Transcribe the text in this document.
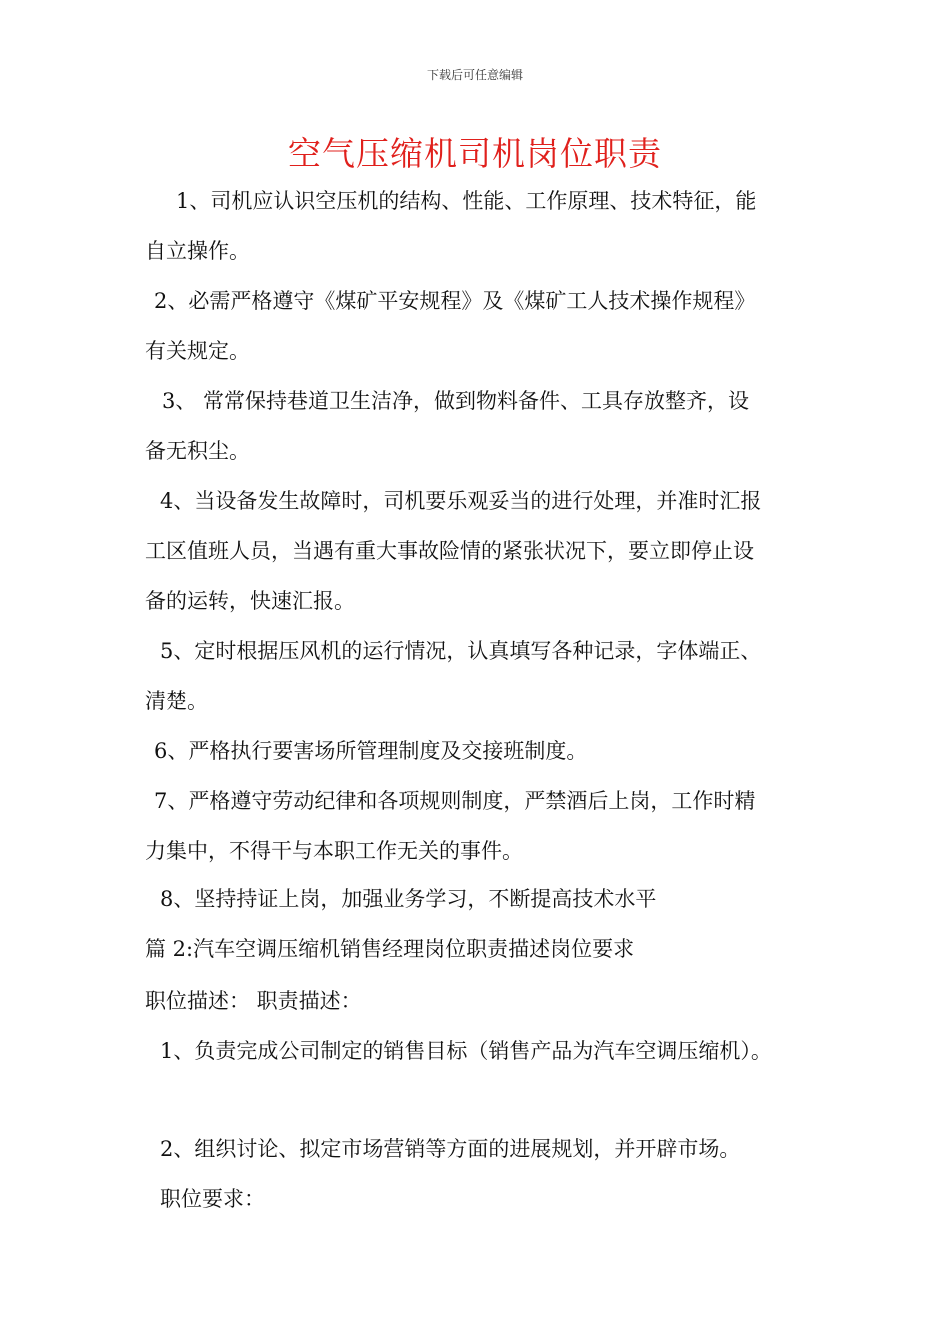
下载后可任意编辑
空气压缩机司机岗位职责
1、司机应认识空压机的结构、性能、工作原理、技术特征，能
自立操作。
2、必需严格遵守《煤矿平安规程》及《煤矿工人技术操作规程》
有关规定。
3、 常常保持巷道卫生洁净，做到物料备件、工具存放整齐，设
备无积尘。
4、当设备发生故障时，司机要乐观妥当的进行处理，并准时汇报
工区值班人员，当遇有重大事故险情的紧张状况下，要立即停止设
备的运转，快速汇报。
5、定时根据压风机的运行情况，认真填写各种记录，字体端正、
清楚。
6、严格执行要害场所管理制度及交接班制度。
7、严格遵守劳动纪律和各项规则制度，严禁酒后上岗，工作时精
力集中，不得干与本职工作无关的事件。
8、坚持持证上岗，加强业务学习，不断提高技术水平
篇 2:汽车空调压缩机销售经理岗位职责描述岗位要求
职位描述： 职责描述：
1、负责完成公司制定的销售目标（销售产品为汽车空调压缩机）。
2、组织讨论、拟定市场营销等方面的进展规划，并开辟市场。
职位要求：
